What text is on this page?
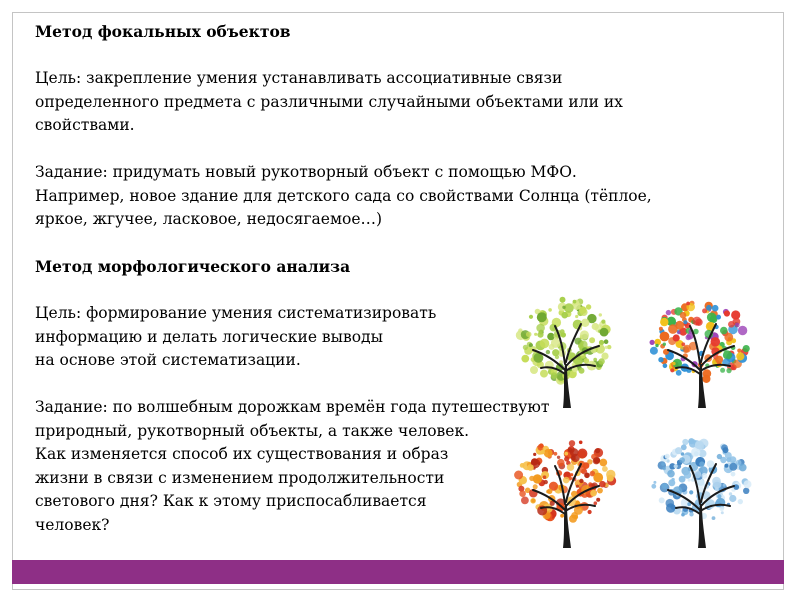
Метод фокальных объектов

Цель: закрепление умения устанавливать ассоциативные связи

определенного предмета с различными случайными объектами или их

свойствами.

Задание: придумать новый рукотворный объект с помощью МФО.

Например, новое здание для детского сада со свойствами Солнца (тёплое,

яркое, жгучее, ласковое, недосягаемое…)

Метод морфологического анализа

Цель: формирование умения систематизировать

информацию и делать логические выводы

на основе этой систематизации.

Задание: по волшебным дорожкам времён года путешествуют

природный, рукотворный объекты, а также человек.

Как изменяется способ их существования и образ

жизни в связи с изменением продолжительности

светового дня? Как к этому приспосабливается

человек?
